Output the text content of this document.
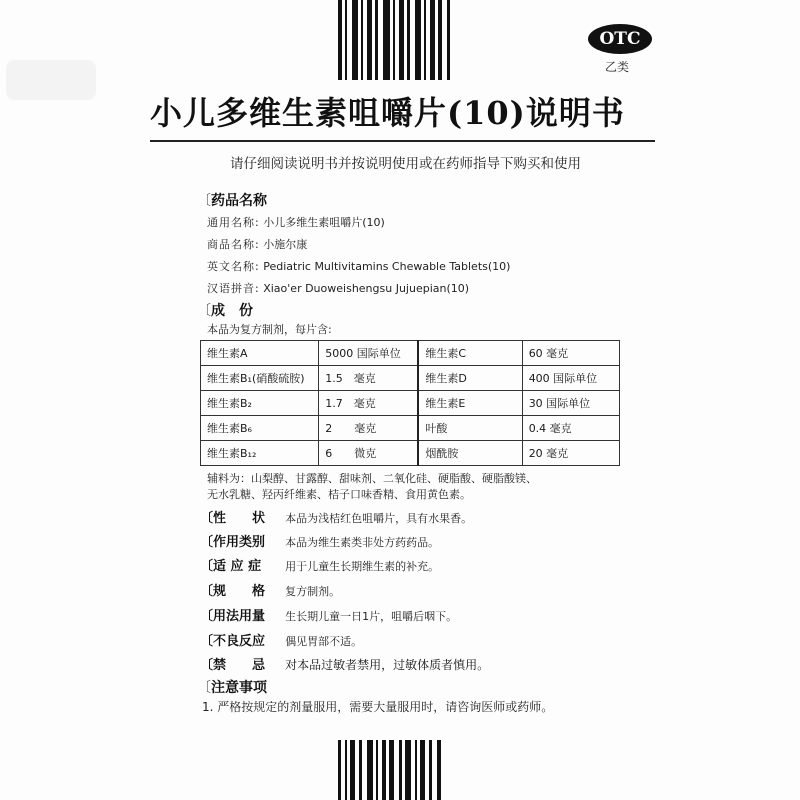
OTC
乙类
小儿多维生素咀嚼片(10)说明书
请仔细阅读说明书并按说明使用或在药师指导下购买和使用
〔药品名称
通用名称: 小儿多维生素咀嚼片(10)
商品名称: 小施尔康
英文名称: Pediatric Multivitamins Chewable Tablets(10)
汉语拼音: Xiao'er Duoweishengsu Jujuepian(10)
〔成　份
本品为复方制剂，每片含:
维生素A	5000 国际单位	维生素C	60 毫克
维生素B₁(硝酸硫胺)	1.5　毫克	维生素D	400 国际单位
维生素B₂	1.7　毫克	维生素E	30 国际单位
维生素B₆	2　　毫克	叶酸	0.4 毫克
维生素B₁₂	6　　微克	烟酰胺	20 毫克
辅料为：山梨醇、甘露醇、甜味剂、二氧化硅、硬脂酸、硬脂酸镁、
无水乳糖、羟丙纤维素、桔子口味香精、食用黄色素。
〔性　　状 本品为浅桔红色咀嚼片，具有水果香。
〔作用类别 本品为维生素类非处方药药品。
〔适 应 症 用于儿童生长期维生素的补充。
〔规　　格 复方制剂。
〔用法用量 生长期儿童一日1片，咀嚼后咽下。
〔不良反应 偶见胃部不适。
〔禁　　忌 对本品过敏者禁用，过敏体质者慎用。
〔注意事项
1. 严格按规定的剂量服用，需要大量服用时，请咨询医师或药师。
